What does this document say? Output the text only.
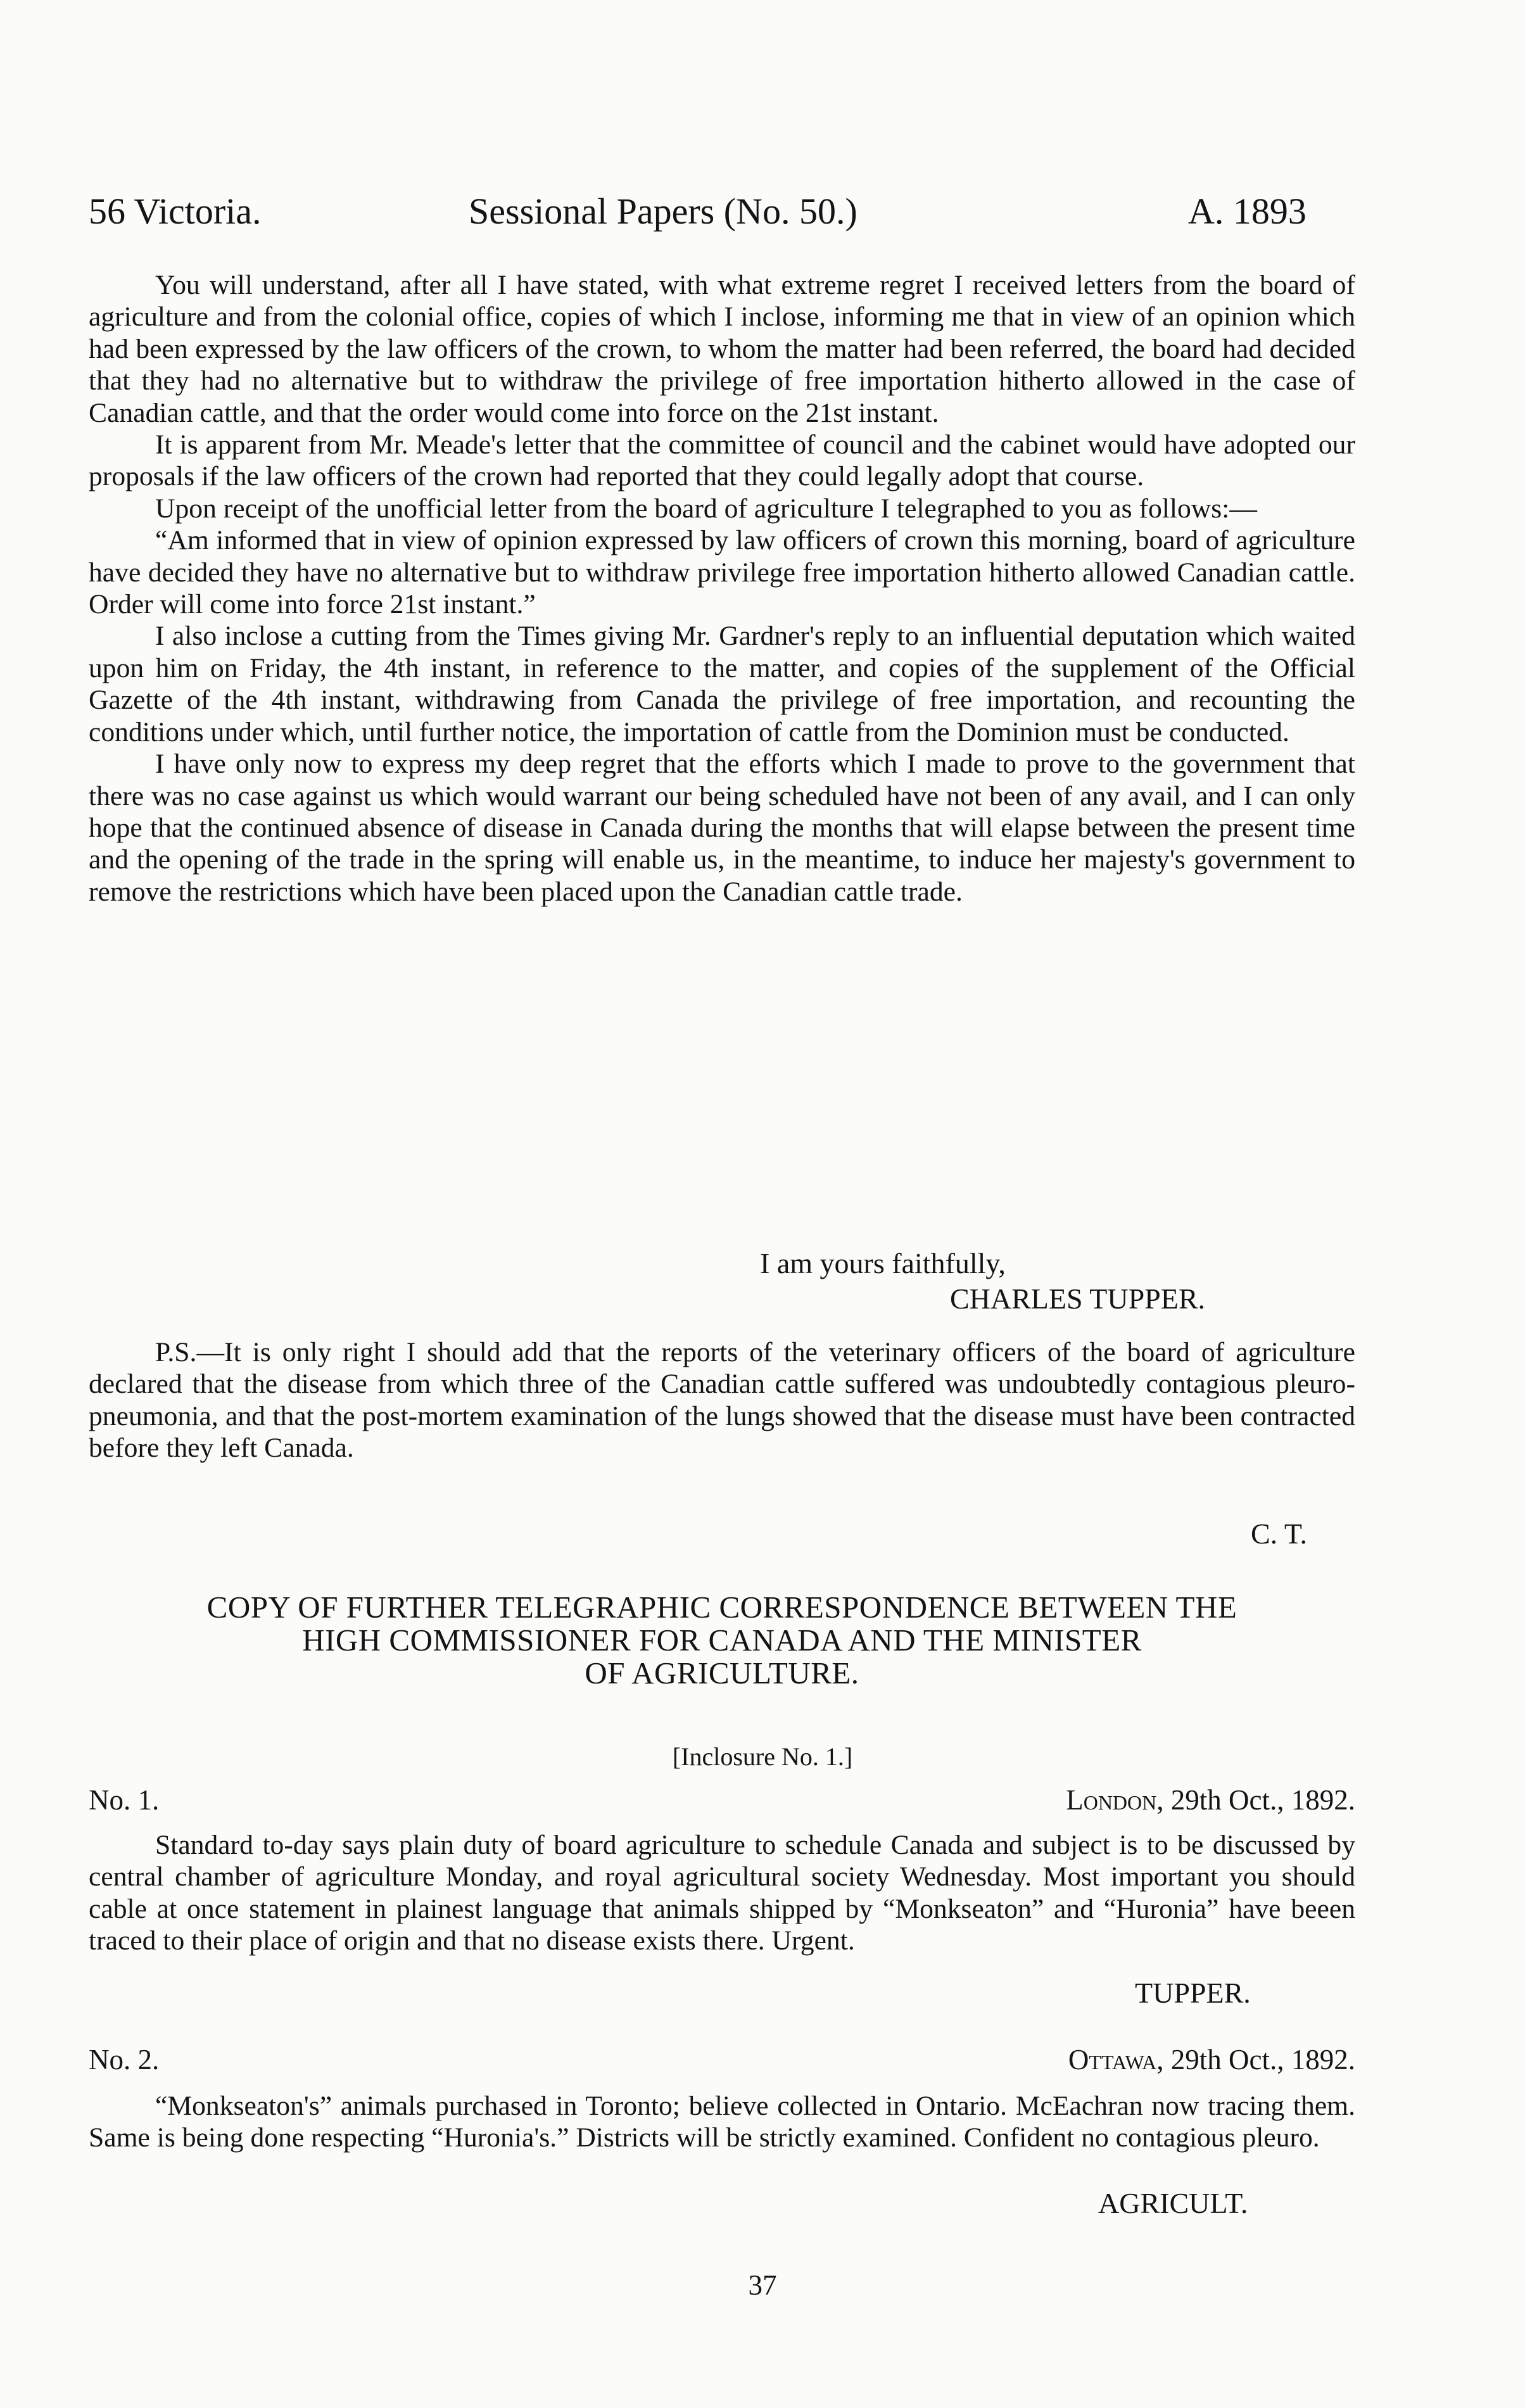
56 Victoria.	Sessional Papers (No. 50.)	A. 1893

You will understand, after all I have stated, with what extreme regret I received letters from the board of agriculture and from the colonial office, copies of which I inclose, informing me that in view of an opinion which had been expressed by the law officers of the crown, to whom the matter had been referred, the board had decided that they had no alternative but to withdraw the privilege of free importation hitherto allowed in the case of Canadian cattle, and that the order would come into force on the 21st instant.

It is apparent from Mr. Meade's letter that the committee of council and the cabinet would have adopted our proposals if the law officers of the crown had reported that they could legally adopt that course.

Upon receipt of the unofficial letter from the board of agriculture I telegraphed to you as follows:—

“Am informed that in view of opinion expressed by law officers of crown this morning, board of agriculture have decided they have no alternative but to withdraw privilege free importation hitherto allowed Canadian cattle. Order will come into force 21st instant.”

I also inclose a cutting from the Times giving Mr. Gardner's reply to an influential deputation which waited upon him on Friday, the 4th instant, in reference to the matter, and copies of the supplement of the Official Gazette of the 4th instant, withdrawing from Canada the privilege of free importation, and recounting the conditions under which, until further notice, the importation of cattle from the Dominion must be conducted.

I have only now to express my deep regret that the efforts which I made to prove to the government that there was no case against us which would warrant our being scheduled have not been of any avail, and I can only hope that the continued absence of disease in Canada during the months that will elapse between the present time and the opening of the trade in the spring will enable us, in the meantime, to induce her majesty's government to remove the restrictions which have been placed upon the Canadian cattle trade.

I am yours faithfully,
CHARLES TUPPER.

P.S.—It is only right I should add that the reports of the veterinary officers of the board of agriculture declared that the disease from which three of the Canadian cattle suffered was undoubtedly contagious pleuro-pneumonia, and that the post-mortem examination of the lungs showed that the disease must have been contracted before they left Canada.

C. T.
COPY OF FURTHER TELEGRAPHIC CORRESPONDENCE BETWEEN THE
HIGH COMMISSIONER FOR CANADA AND THE MINISTER
OF AGRICULTURE.
[Inclosure No. 1.]
No. 1.	London, 29th Oct., 1892.

Standard to-day says plain duty of board agriculture to schedule Canada and subject is to be discussed by central chamber of agriculture Monday, and royal agricultural society Wednesday. Most important you should cable at once statement in plainest language that animals shipped by “Monkseaton” and “Huronia” have beeen traced to their place of origin and that no disease exists there. Urgent.

TUPPER.
No. 2.	Ottawa, 29th Oct., 1892.

“Monkseaton's” animals purchased in Toronto; believe collected in Ontario. McEachran now tracing them. Same is being done respecting “Huronia's.” Districts will be strictly examined. Confident no contagious pleuro.

AGRICULT.
37
